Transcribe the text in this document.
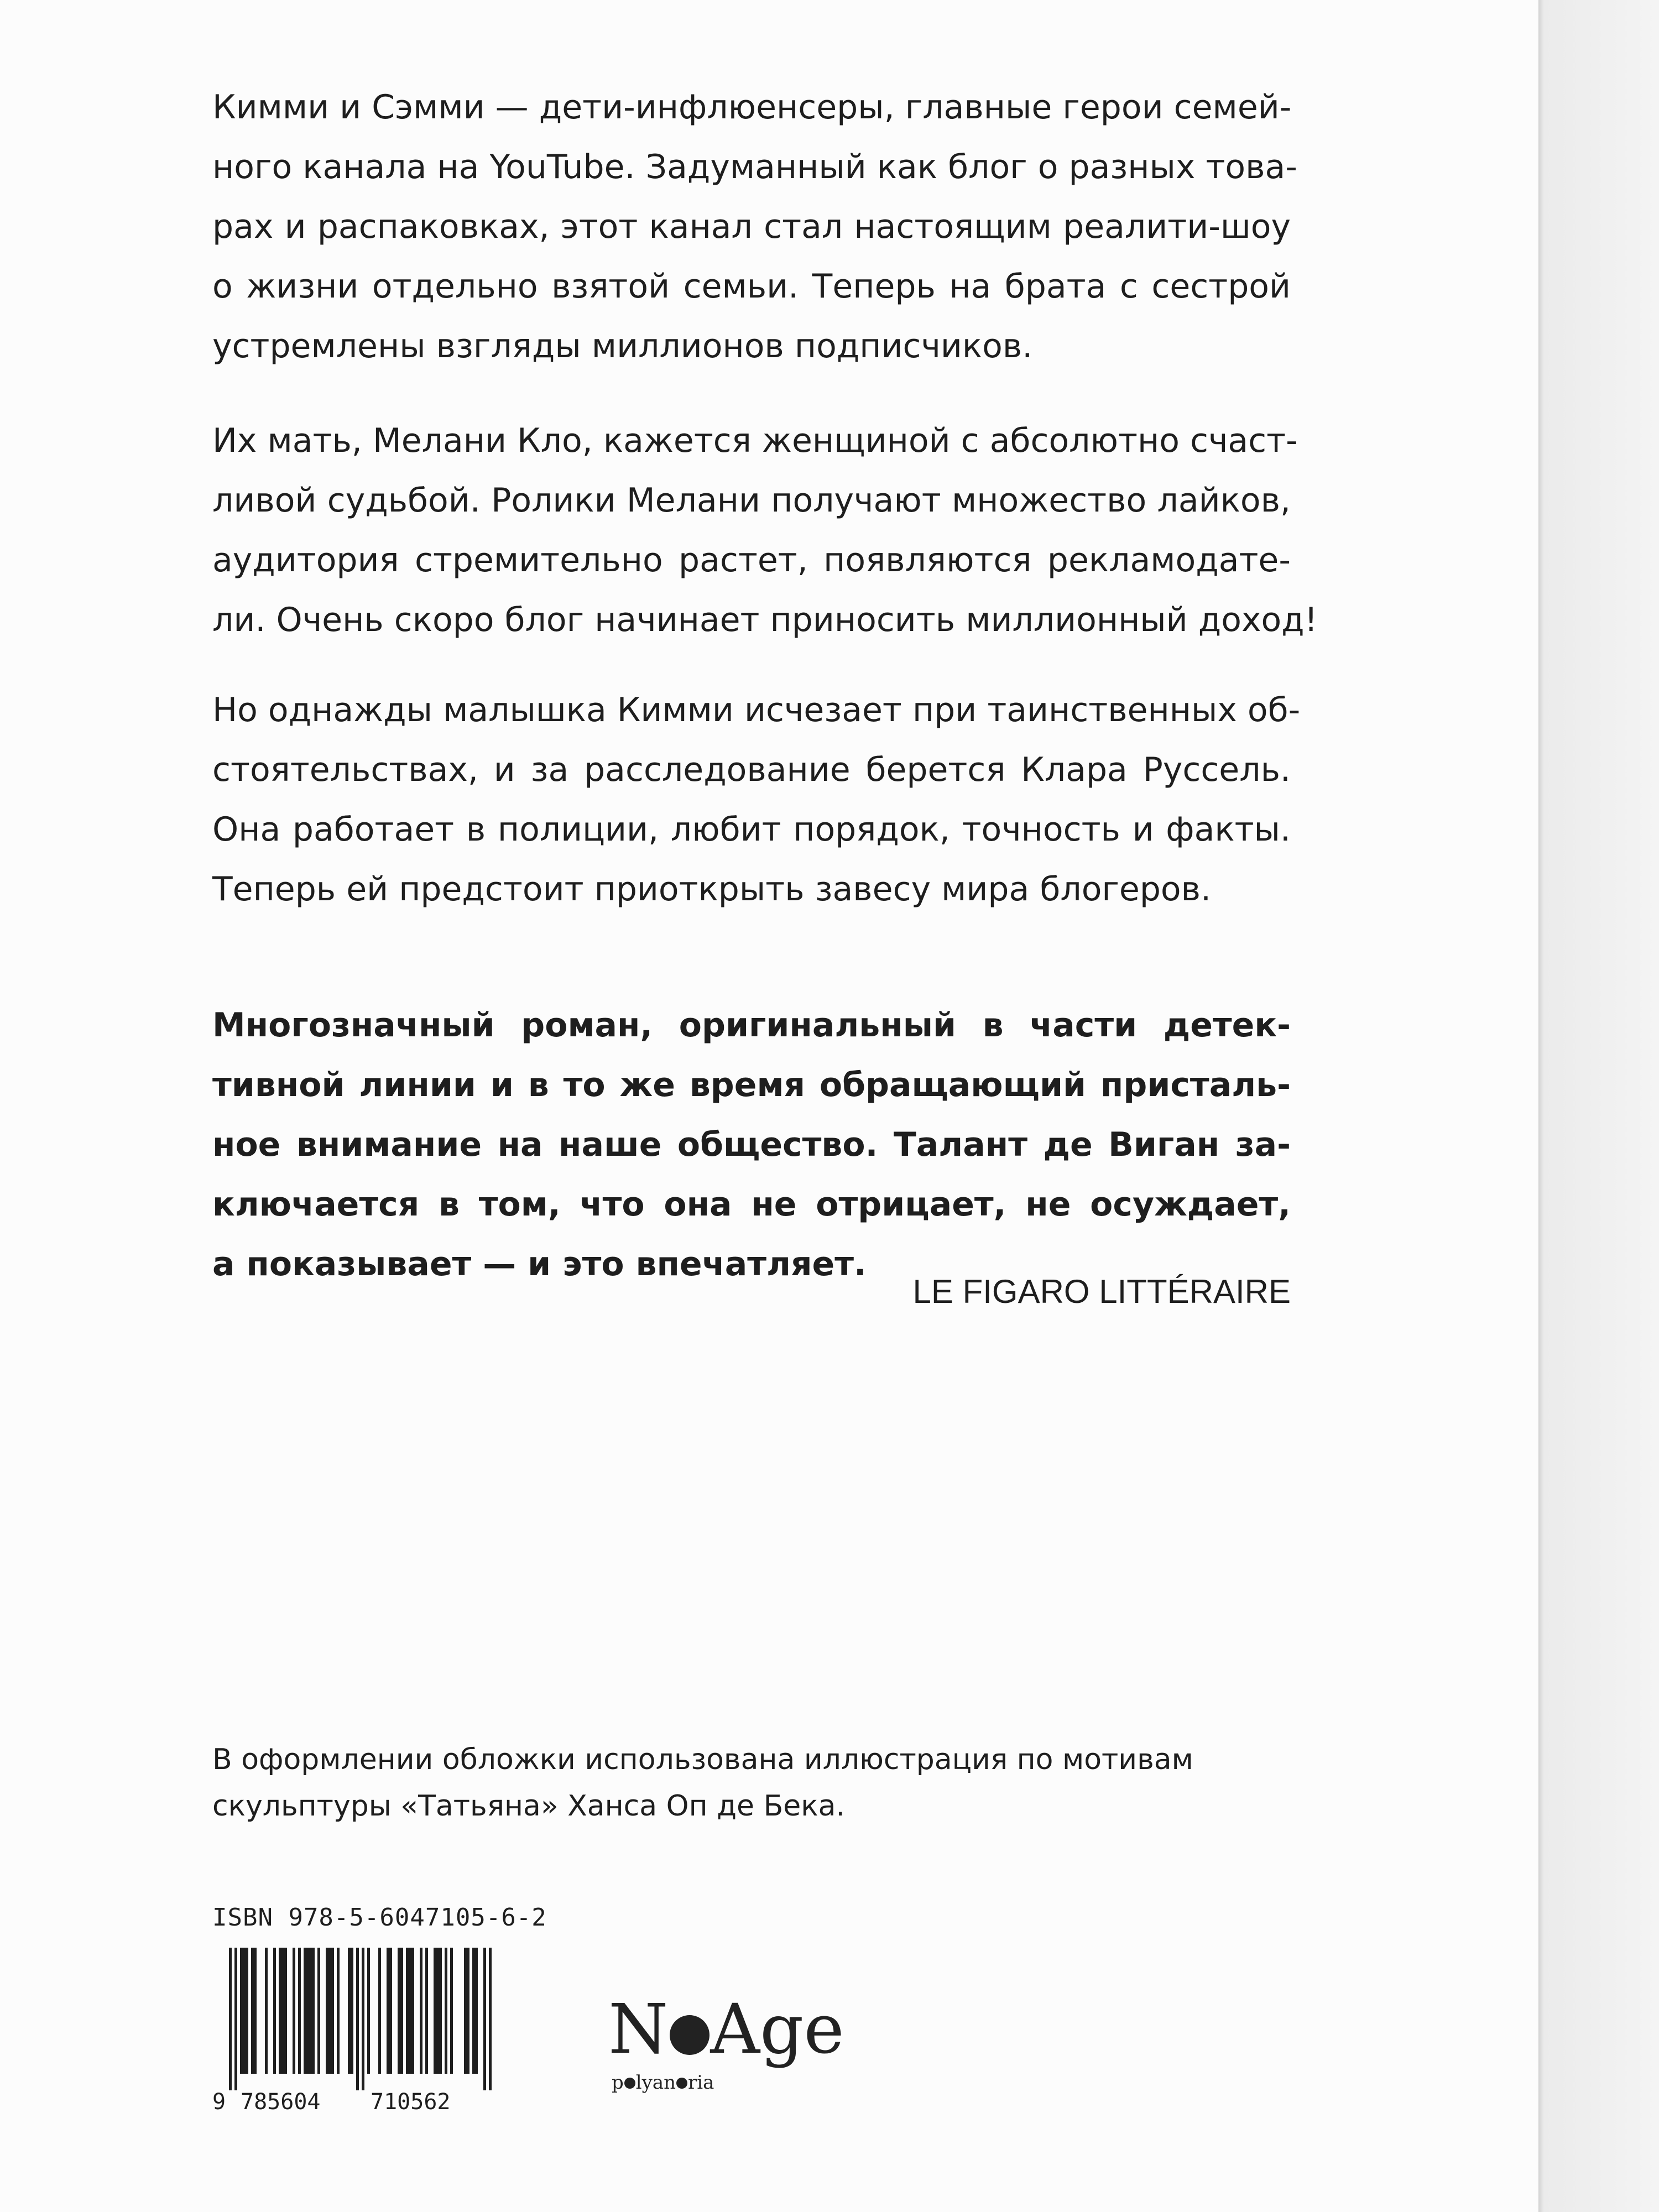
Кимми и Сэмми — дети-инфлюенсеры, главные герои семей-
ного канала на YouTube. Задуманный как блог о разных това-
рах и распаковках, этот канал стал настоящим реалити-шоу
о жизни отдельно взятой семьи. Теперь на брата с сестрой
устремлены взгляды миллионов подписчиков.

Их мать, Мелани Кло, кажется женщиной с абсолютно счаст-
ливой судьбой. Ролики Мелани получают множество лайков,
аудитория стремительно растет, появляются рекламодате-
ли. Очень скоро блог начинает приносить миллионный доход!

Но однажды малышка Кимми исчезает при таинственных об-
стоятельствах, и за расследование берется Клара Руссель.
Она работает в полиции, любит порядок, точность и факты.
Теперь ей предстоит приоткрыть завесу мира блогеров.

Многозначный роман, оригинальный в части детек-
тивной линии и в то же время обращающий присталь-
ное внимание на наше общество. Талант де Виган за-
ключается в том, что она не отрицает, не осуждает,
а показывает — и это впечатляет.

LE FIGARO LITTÉRAIRE

В оформлении обложки использована иллюстрация по мотивам
скульптуры «Татьяна» Ханса Оп де Бека.

ISBN 978-5-6047105-6-2
9 785604 710562
N Age
p lyan ria
